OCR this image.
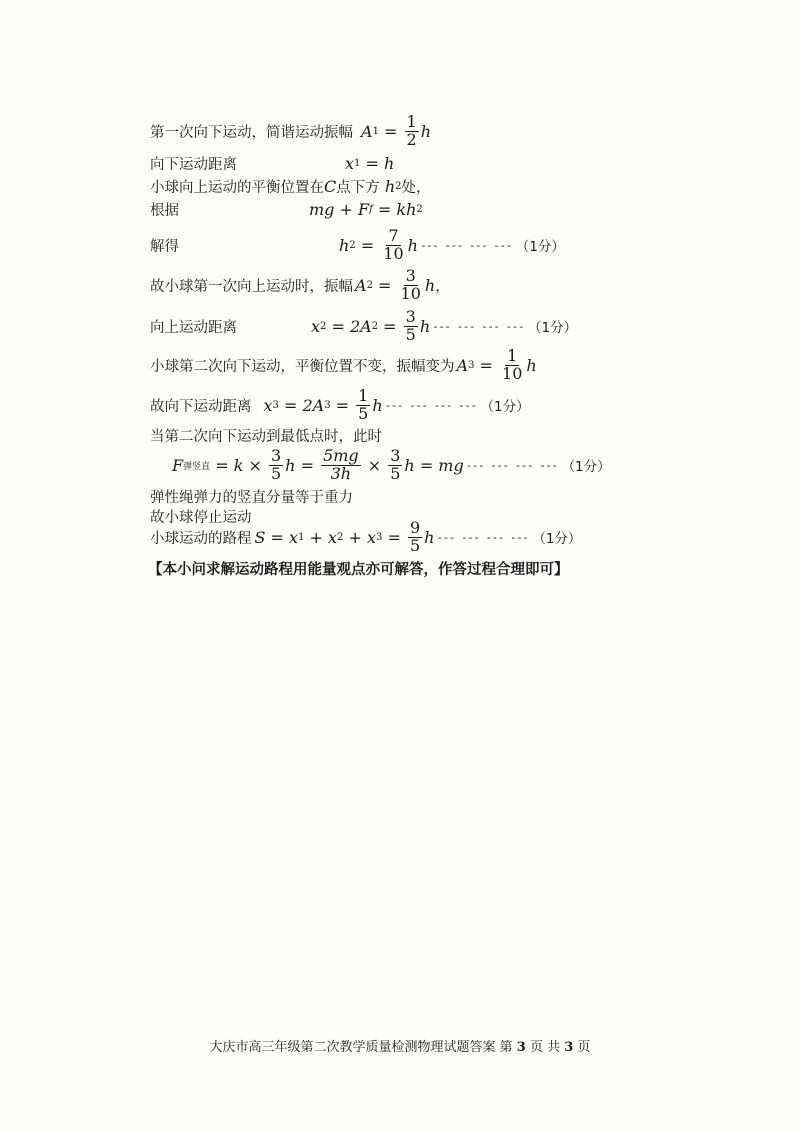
第一次向下运动，简谐运动振幅 A $1 = \frac{1}{2}$ h
向下运动距离	x 1 = h
小球向上运动的平衡位置在 C 点下方 h 2 处，
根据	mg + F f = kh 2
解得	h $2 = \frac{7}{10}$ h --- --- --- --- （1分）
故小球第一次向上运动时，振幅 A $2 = \frac{3}{10}$ h ，
向上运动距离	x 2 = 2A $2 = \frac{3}{5}$ h --- --- --- --- （1分）
小球第二次向下运动，平衡位置不变，振幅变为 A $3 = \frac{1}{10}$ h
故向下运动距离 x 3 = 2A $3 = \frac{1}{5}$ h --- --- --- --- （1分）
当第二次向下运动到最低点时，此时
F 弹竖直 = $k \times \frac{3}{5}$ $h = \frac{5mg}{3h} \times \frac{3}{5}$ h = mg --- --- --- --- （1分）
弹性绳弹力的竖直分量等于重力
故小球停止运动
小球运动的路程 S = x 1 + x 2 + x $3 = \frac{9}{5}$ h --- --- --- --- （1分）
【本小问求解运动路程用能量观点亦可解答，作答过程合理即可】
大庆市高三年级第二次教学质量检测物理试题答案 第 3 页 共 3 页
